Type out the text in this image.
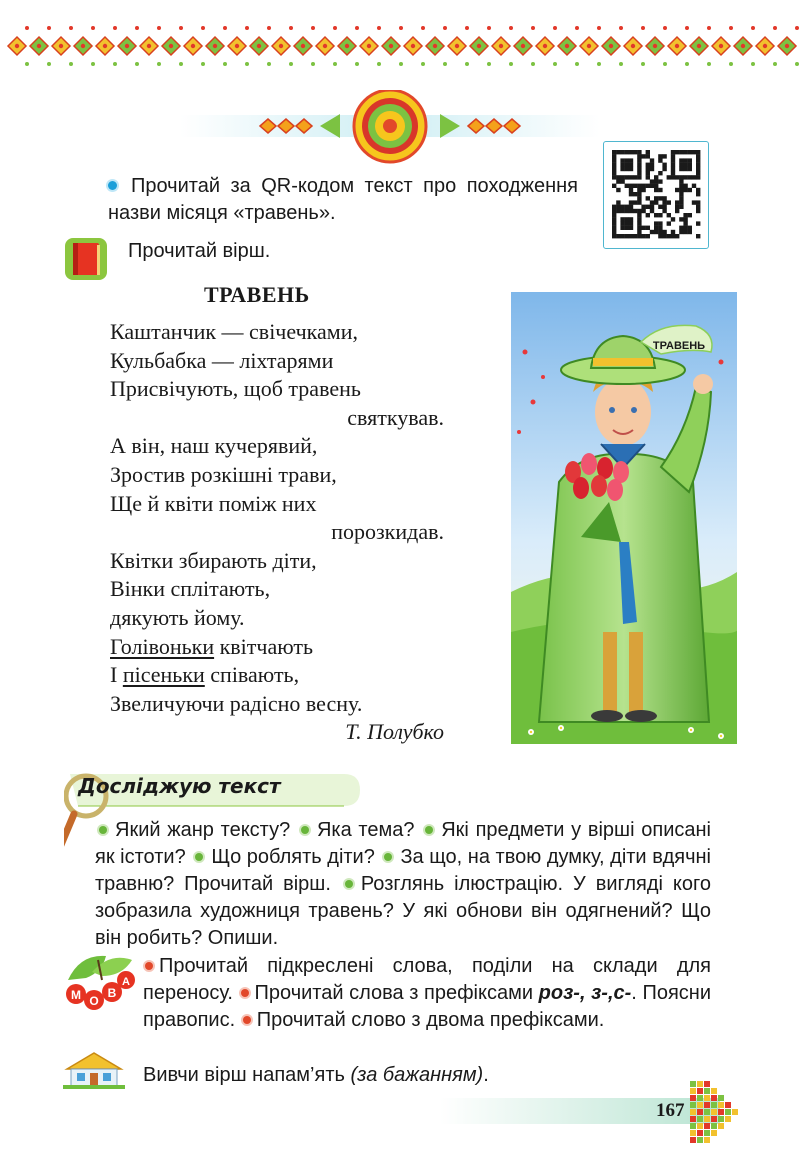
Прочитай за QR-кодом текст про походження назви місяця «травень».
Прочитай вірш.
ТРАВЕНЬ
Каштанчик — свічечками,
Кульбабка — ліхтарями
Присвічують, щоб травень
святкував.
А він, наш кучерявий,
Зростив розкішні трави,
Ще й квіти поміж них
порозкидав.
Квітки збирають діти,
Вінки сплітають,
дякують йому.
Голівоньки квітчають
І пісеньки співають,
Звеличуючи радісно весну.
Т. Полубко
ТРАВЕНЬ
Досліджую текст
Який жанр тексту? Яка тема? Які предмети у вірші описані як істоти? Що роблять діти? За що, на твою думку, діти вдячні травню? Прочитай вірш. Розглянь ілюстрацію. У вигляді кого зобразила художниця травень? У які обнови він одягнений? Що він робить? Опиши.
М О
В
А
Прочитай підкреслені слова, поділи на склади для переносу. Прочитай слова з префіксами роз-, з-,с-. Поясни правопис. Прочитай слово з двома префіксами.
Вивчи вірш напам’ять (за бажанням).
167
